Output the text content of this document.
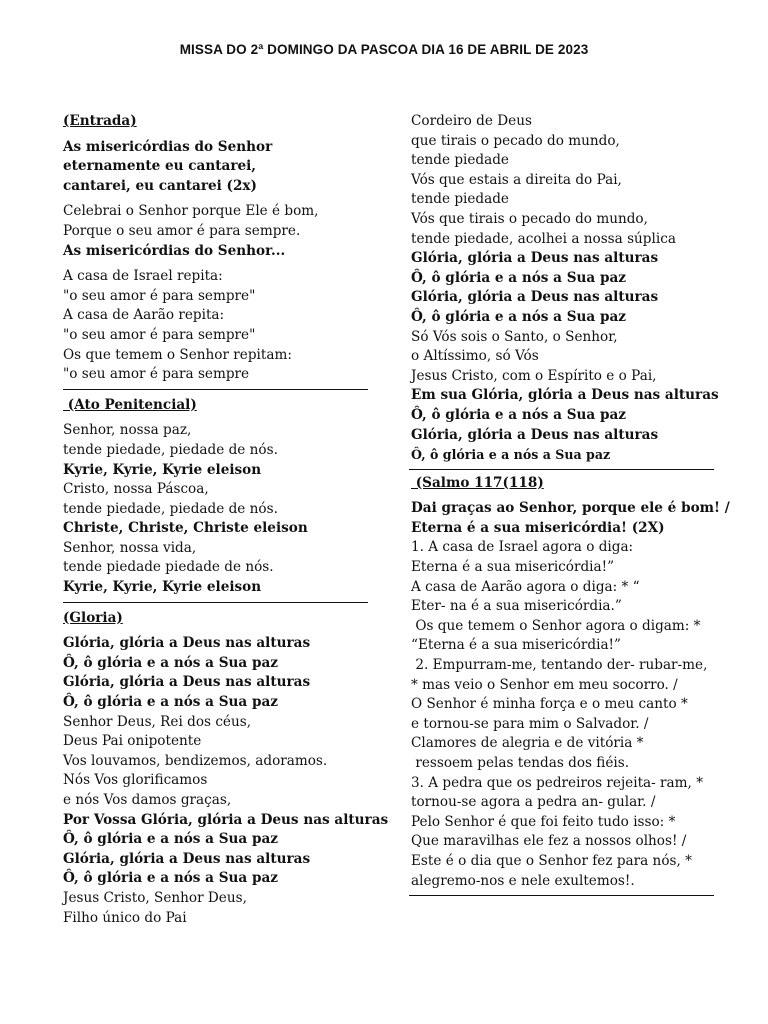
MISSA DO 2ª DOMINGO DA PASCOA DIA 16 DE ABRIL DE 2023
(Entrada)
As misericórdias do Senhor
eternamente eu cantarei,
cantarei, eu cantarei (2x)
Celebrai o Senhor porque Ele é bom,
Porque o seu amor é para sempre.
As misericórdias do Senhor...
A casa de Israel repita:
"o seu amor é para sempre"
A casa de Aarão repita:
"o seu amor é para sempre"
Os que temem o Senhor repitam:
"o seu amor é para sempre
(Ato Penitencial)
Senhor, nossa paz,
tende piedade, piedade de nós.
Kyrie, Kyrie, Kyrie eleison
Cristo, nossa Páscoa,
tende piedade, piedade de nós.
Christe, Christe, Christe eleison
Senhor, nossa vida,
tende piedade piedade de nós.
Kyrie, Kyrie, Kyrie eleison
(Gloria)
Glória, glória a Deus nas alturas
Ô, ô glória e a nós a Sua paz
Glória, glória a Deus nas alturas
Ô, ô glória e a nós a Sua paz
Senhor Deus, Rei dos céus,
Deus Pai onipotente
Vos louvamos, bendizemos, adoramos.
Nós Vos glorificamos
e nós Vos damos graças,
Por Vossa Glória, glória a Deus nas alturas
Ô, ô glória e a nós a Sua paz
Glória, glória a Deus nas alturas
Ô, ô glória e a nós a Sua paz
Jesus Cristo, Senhor Deus,
Filho único do Pai
Cordeiro de Deus
que tirais o pecado do mundo,
tende piedade
Vós que estais a direita do Pai,
tende piedade
Vós que tirais o pecado do mundo,
tende piedade, acolhei a nossa súplica
Glória, glória a Deus nas alturas
Ô, ô glória e a nós a Sua paz
Glória, glória a Deus nas alturas
Ô, ô glória e a nós a Sua paz
Só Vós sois o Santo, o Senhor,
o Altíssimo, só Vós
Jesus Cristo, com o Espírito e o Pai,
Em sua Glória, glória a Deus nas alturas
Ô, ô glória e a nós a Sua paz
Glória, glória a Deus nas alturas
Ô, ô glória e a nós a Sua paz
(Salmo 117(118)
Dai graças ao Senhor, porque ele é bom! /
Eterna é a sua misericórdia! (2X)
1. A casa de Israel agora o diga:
Eterna é a sua misericórdia!”
A casa de Aarão agora o diga: * “
Eter- na é a sua misericórdia.”
Os que temem o Senhor agora o digam: *
“Eterna é a sua misericórdia!”
2. Empurram-me, tentando der- rubar-me,
* mas veio o Senhor em meu socorro. /
O Senhor é minha força e o meu canto *
e tornou-se para mim o Salvador. /
Clamores de alegria e de vitória *
ressoem pelas tendas dos fiéis.
3. A pedra que os pedreiros rejeita- ram, *
tornou-se agora a pedra an- gular. /
Pelo Senhor é que foi feito tudo isso: *
Que maravilhas ele fez a nossos olhos! /
Este é o dia que o Senhor fez para nós, *
alegremo-nos e nele exultemos!.
